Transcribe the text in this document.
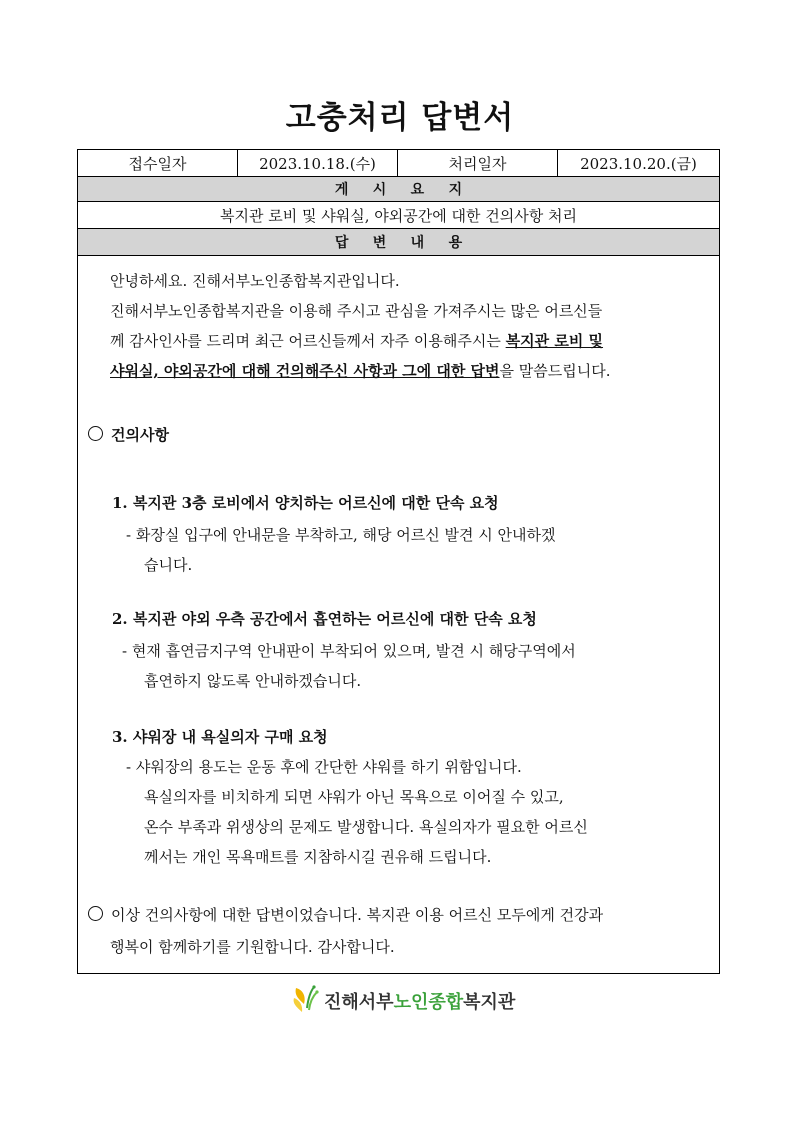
고충처리 답변서
접수일자	2023.10.18.(수)	처리일자	2023.10.20.(금)
게     시     요     지
복지관 로비 및 샤워실, 야외공간에 대한 건의사항 처리
답     변     내     용
안녕하세요. 진해서부노인종합복지관입니다.
진해서부노인종합복지관을 이용해 주시고 관심을 가져주시는 많은 어르신들
께 감사인사를 드리며 최근 어르신들께서 자주 이용해주시는 복지관 로비 및
샤워실, 야외공간에 대해 건의해주신 사항과 그에 대한 답변을 말씀드립니다.
건의사항
1. 복지관 3층 로비에서 양치하는 어르신에 대한 단속 요청
- 화장실 입구에 안내문을 부착하고, 해당 어르신 발견 시 안내하겠
습니다.
2. 복지관 야외 우측 공간에서 흡연하는 어르신에 대한 단속 요청
- 현재 흡연금지구역 안내판이 부착되어 있으며, 발견 시 해당구역에서
흡연하지 않도록 안내하겠습니다.
3. 샤워장 내 욕실의자 구매 요청
- 샤워장의 용도는 운동 후에 간단한 샤워를 하기 위함입니다.
욕실의자를 비치하게 되면 샤워가 아닌 목욕으로 이어질 수 있고,
온수 부족과 위생상의 문제도 발생합니다. 욕실의자가 필요한 어르신
께서는 개인 목욕매트를 지참하시길 권유해 드립니다.
이상 건의사항에 대한 답변이었습니다. 복지관 이용 어르신 모두에게 건강과
행복이 함께하기를 기원합니다. 감사합니다.
진해서부노인종합복지관
